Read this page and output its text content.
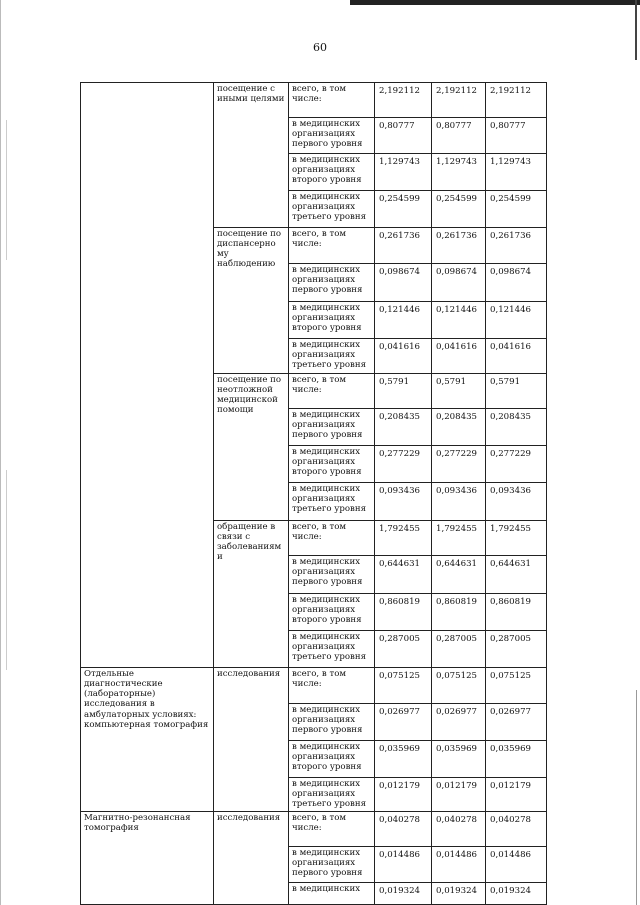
60
	посещение с иными целями	всего, в том числе:	2,192112	2,192112	2,192112
		в медицинских организациях первого уровня	0,80777	0,80777	0,80777
		в медицинских организациях второго уровня	1,129743	1,129743	1,129743
		в медицинских организациях третьего уровня	0,254599	0,254599	0,254599
	посещение по диспансерно му наблюдению	всего, в том числе:	0,261736	0,261736	0,261736
		в медицинских организациях первого уровня	0,098674	0,098674	0,098674
		в медицинских организациях второго уровня	0,121446	0,121446	0,121446
		в медицинских организациях третьего уровня	0,041616	0,041616	0,041616
	посещение по неотложной медицинской помощи	всего, в том числе:	0,5791	0,5791	0,5791
		в медицинских организациях первого уровня	0,208435	0,208435	0,208435
		в медицинских организациях второго уровня	0,277229	0,277229	0,277229
		в медицинских организациях третьего уровня	0,093436	0,093436	0,093436
	обращение в связи с заболеваниям и	всего, в том числе:	1,792455	1,792455	1,792455
		в медицинских организациях первого уровня	0,644631	0,644631	0,644631
		в медицинских организациях второго уровня	0,860819	0,860819	0,860819
		в медицинских организациях третьего уровня	0,287005	0,287005	0,287005
Отдельные диагностические (лабораторные) исследования в амбулаторных условиях: компьютерная томография	исследования	всего, в том числе:	0,075125	0,075125	0,075125
		в медицинских организациях первого уровня	0,026977	0,026977	0,026977
		в медицинских организациях второго уровня	0,035969	0,035969	0,035969
		в медицинских организациях третьего уровня	0,012179	0,012179	0,012179
Магнитно-резонансная томография	исследования	всего, в том числе:	0,040278	0,040278	0,040278
		в медицинских организациях первого уровня	0,014486	0,014486	0,014486
		в медицинских	0,019324	0,019324	0,019324
